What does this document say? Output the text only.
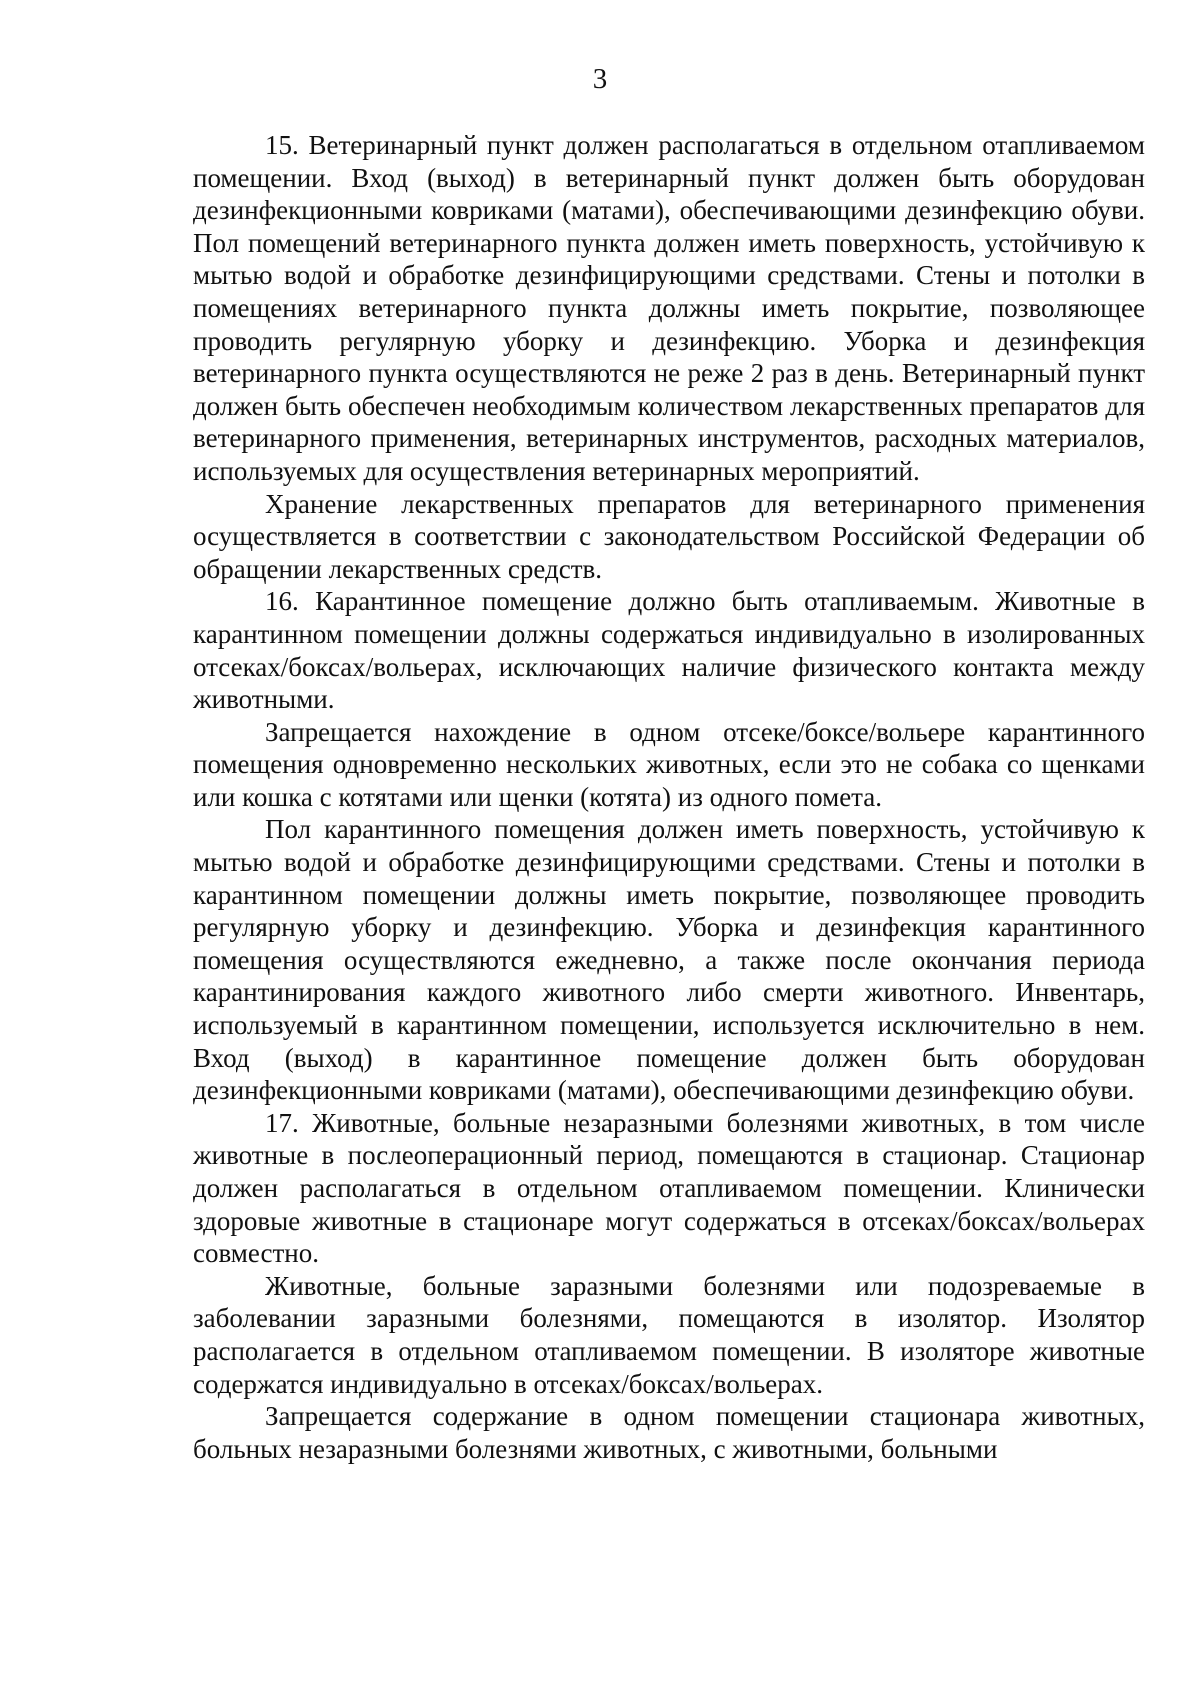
3

15. Ветеринарный пункт должен располагаться в отдельном отапливаемом помещении. Вход (выход) в ветеринарный пункт должен быть оборудован дезинфекционными ковриками (матами), обеспечивающими дезинфекцию обуви. Пол помещений ветеринарного пункта должен иметь поверхность, устойчивую к мытью водой и обработке дезинфицирующими средствами. Стены и потолки в помещениях ветеринарного пункта должны иметь покрытие, позволяющее проводить регулярную уборку и дезинфекцию. Уборка и дезинфекция ветеринарного пункта осуществляются не реже 2 раз в день. Ветеринарный пункт должен быть обеспечен необходимым количеством лекарственных препаратов для ветеринарного применения, ветеринарных инструментов, расходных материалов, используемых для осуществления ветеринарных мероприятий.

Хранение лекарственных препаратов для ветеринарного применения осуществляется в соответствии с законодательством Российской Федерации об обращении лекарственных средств.

16. Карантинное помещение должно быть отапливаемым. Животные в карантинном помещении должны содержаться индивидуально в изолированных отсеках/боксах/вольерах, исключающих наличие физического контакта между животными.

Запрещается нахождение в одном отсеке/боксе/вольере карантинного помещения одновременно нескольких животных, если это не собака со щенками или кошка с котятами или щенки (котята) из одного помета.

Пол карантинного помещения должен иметь поверхность, устойчивую к мытью водой и обработке дезинфицирующими средствами. Стены и потолки в карантинном помещении должны иметь покрытие, позволяющее проводить регулярную уборку и дезинфекцию. Уборка и дезинфекция карантинного помещения осуществляются ежедневно, а также после окончания периода карантинирования каждого животного либо смерти животного. Инвентарь, используемый в карантинном помещении, используется исключительно в нем. Вход (выход) в карантинное помещение должен быть оборудован дезинфекционными ковриками (матами), обеспечивающими дезинфекцию обуви.

17. Животные, больные незаразными болезнями животных, в том числе животные в послеоперационный период, помещаются в стационар. Стационар должен располагаться в отдельном отапливаемом помещении. Клинически здоровые животные в стационаре могут содержаться в отсеках/боксах/вольерах совместно.

Животные, больные заразными болезнями или подозреваемые в заболевании заразными болезнями, помещаются в изолятор. Изолятор располагается в отдельном отапливаемом помещении. В изоляторе животные содержатся индивидуально в отсеках/боксах/вольерах.

Запрещается содержание в одном помещении стационара животных, больных незаразными болезнями животных, с животными, больными
